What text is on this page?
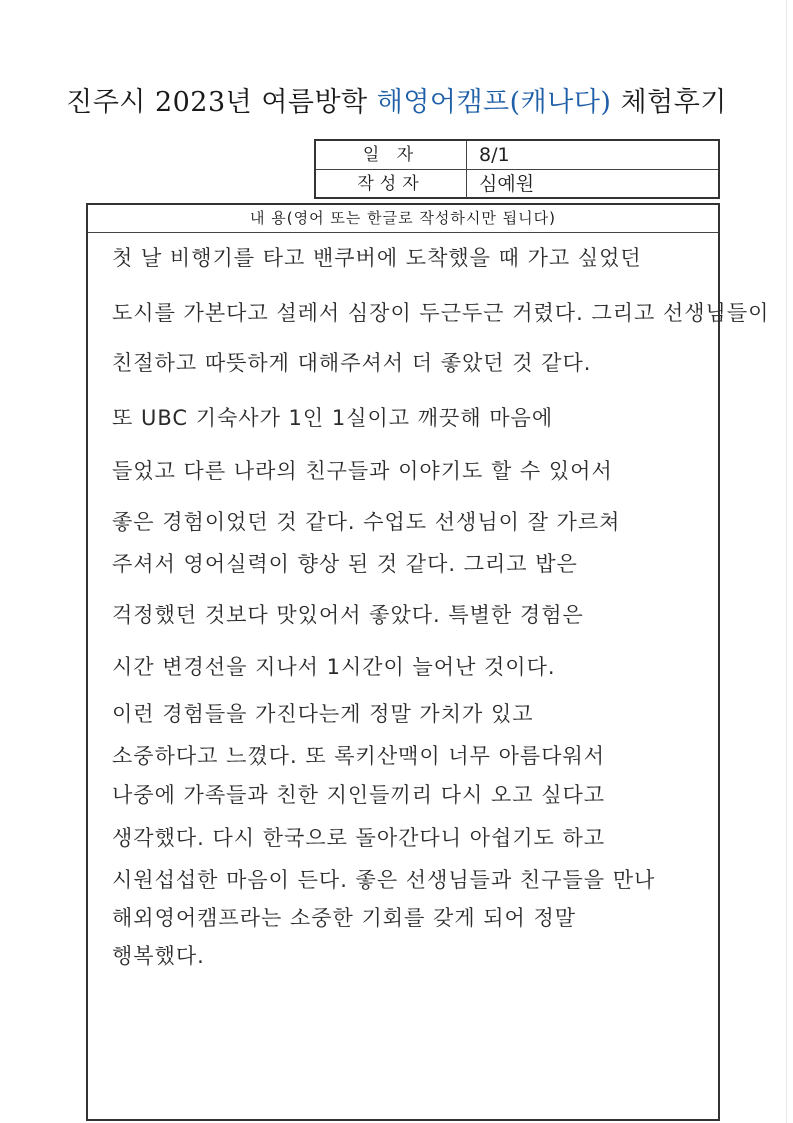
진주시 2023년 여름방학 해영어캠프(캐나다) 체험후기
일 자	8/1
작성자	심예원
내 용(영어 또는 한글로 작성하시만 됩니다)
첫 날 비행기를 타고 밴쿠버에 도착했을 때 가고 싶었던
도시를 가본다고 설레서 심장이 두근두근 거렸다. 그리고 선생님들이
친절하고 따뜻하게 대해주셔서 더 좋았던 것 같다.
또 UBC 기숙사가 1인 1실이고 깨끗해 마음에
들었고 다른 나라의 친구들과 이야기도 할 수 있어서
좋은 경험이었던 것 같다. 수업도 선생님이 잘 가르쳐
주셔서 영어실력이 향상 된 것 같다. 그리고 밥은
걱정했던 것보다 맛있어서 좋았다. 특별한 경험은
시간 변경선을 지나서 1시간이 늘어난 것이다.
이런 경험들을 가진다는게 정말 가치가 있고
소중하다고 느꼈다. 또 록키산맥이 너무 아름다워서
나중에 가족들과 친한 지인들끼리 다시 오고 싶다고
생각했다. 다시 한국으로 돌아간다니 아쉽기도 하고
시원섭섭한 마음이 든다. 좋은 선생님들과 친구들을 만나
해외영어캠프라는 소중한 기회를 갖게 되어 정말
행복했다.
